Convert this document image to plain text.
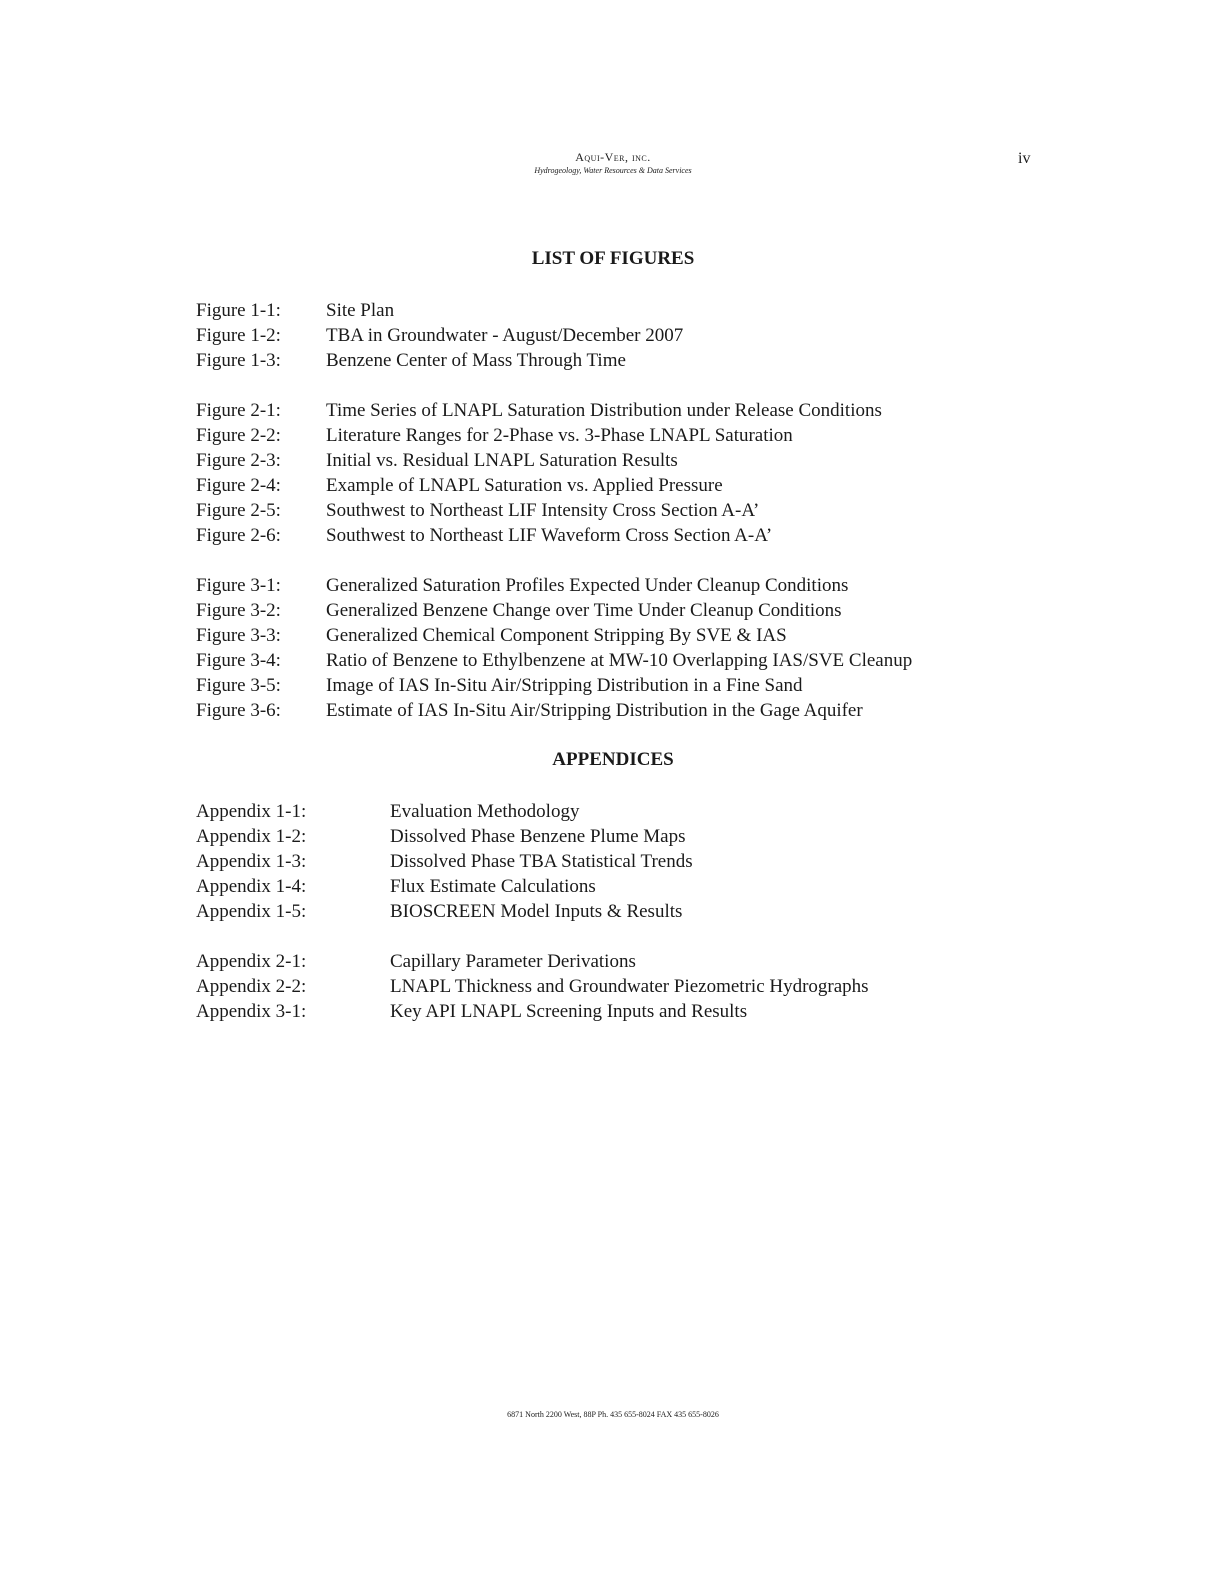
Aqui-Ver, inc.
Hydrogeology, Water Resources & Data Services
iv
LIST OF FIGURES
Figure 1-1: Site Plan
Figure 1-2: TBA in Groundwater - August/December 2007
Figure 1-3: Benzene Center of Mass Through Time
Figure 2-1: Time Series of LNAPL Saturation Distribution under Release Conditions
Figure 2-2: Literature Ranges for 2-Phase vs. 3-Phase LNAPL Saturation
Figure 2-3: Initial vs. Residual LNAPL Saturation Results
Figure 2-4: Example of LNAPL Saturation vs. Applied Pressure
Figure 2-5: Southwest to Northeast LIF Intensity Cross Section A-A’
Figure 2-6: Southwest to Northeast LIF Waveform Cross Section A-A’
Figure 3-1: Generalized Saturation Profiles Expected Under Cleanup Conditions
Figure 3-2: Generalized Benzene Change over Time Under Cleanup Conditions
Figure 3-3: Generalized Chemical Component Stripping By SVE & IAS
Figure 3-4: Ratio of Benzene to Ethylbenzene at MW-10 Overlapping IAS/SVE Cleanup
Figure 3-5: Image of IAS In-Situ Air/Stripping Distribution in a Fine Sand
Figure 3-6: Estimate of IAS In-Situ Air/Stripping Distribution in the Gage Aquifer
APPENDICES
Appendix 1-1:	Evaluation Methodology
Appendix 1-2:	Dissolved Phase Benzene Plume Maps
Appendix 1-3:	Dissolved Phase TBA Statistical Trends
Appendix 1-4:	Flux Estimate Calculations
Appendix 1-5:	BIOSCREEN Model Inputs & Results
Appendix 2-1:	Capillary Parameter Derivations
Appendix 2-2:	LNAPL Thickness and Groundwater Piezometric Hydrographs
Appendix 3-1:	Key API LNAPL Screening Inputs and Results
6871 North 2200 West, 88P Ph. 435 655-8024 FAX 435 655-8026
